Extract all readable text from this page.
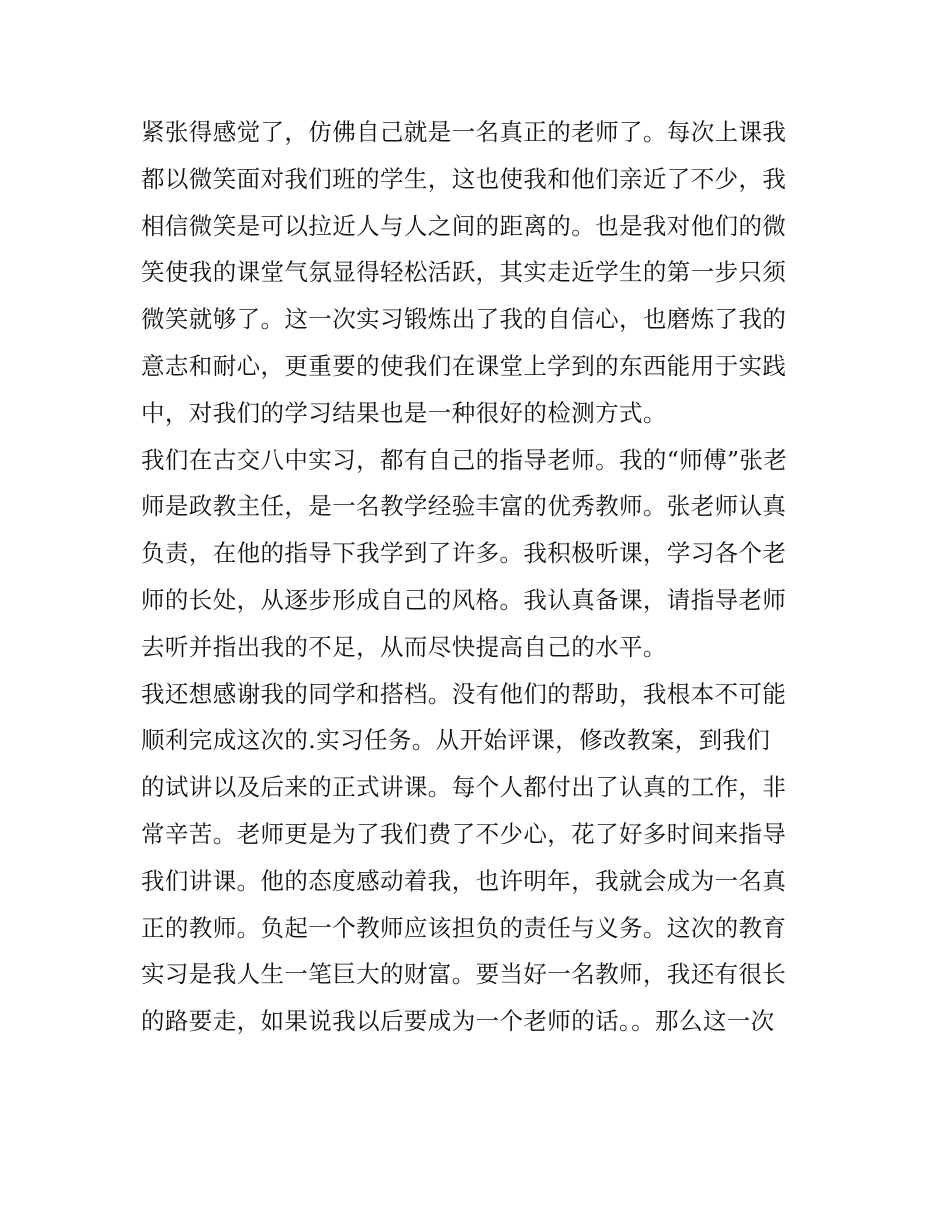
紧张得感觉了，仿佛自己就是一名真正的老师了。每次上课我
都以微笑面对我们班的学生，这也使我和他们亲近了不少，我
相信微笑是可以拉近人与人之间的距离的。也是我对他们的微
笑使我的课堂气氛显得轻松活跃，其实走近学生的第一步只须
微笑就够了。这一次实习锻炼出了我的自信心，也磨炼了我的
意志和耐心，更重要的使我们在课堂上学到的东西能用于实践
中，对我们的学习结果也是一种很好的检测方式。
我们在古交八中实习，都有自己的指导老师。我的“师傅”张老
师是政教主任，是一名教学经验丰富的优秀教师。张老师认真
负责，在他的指导下我学到了许多。我积极听课，学习各个老
师的长处，从逐步形成自己的风格。我认真备课，请指导老师
去听并指出我的不足，从而尽快提高自己的水平。
我还想感谢我的同学和搭档。没有他们的帮助，我根本不可能
顺利完成这次的.实习任务。从开始评课，修改教案，到我们
的试讲以及后来的正式讲课。每个人都付出了认真的工作，非
常辛苦。老师更是为了我们费了不少心，花了好多时间来指导
我们讲课。他的态度感动着我，也许明年，我就会成为一名真
正的教师。负起一个教师应该担负的责任与义务。这次的教育
实习是我人生一笔巨大的财富。要当好一名教师，我还有很长
的路要走，如果说我以后要成为一个老师的话。。那么这一次
